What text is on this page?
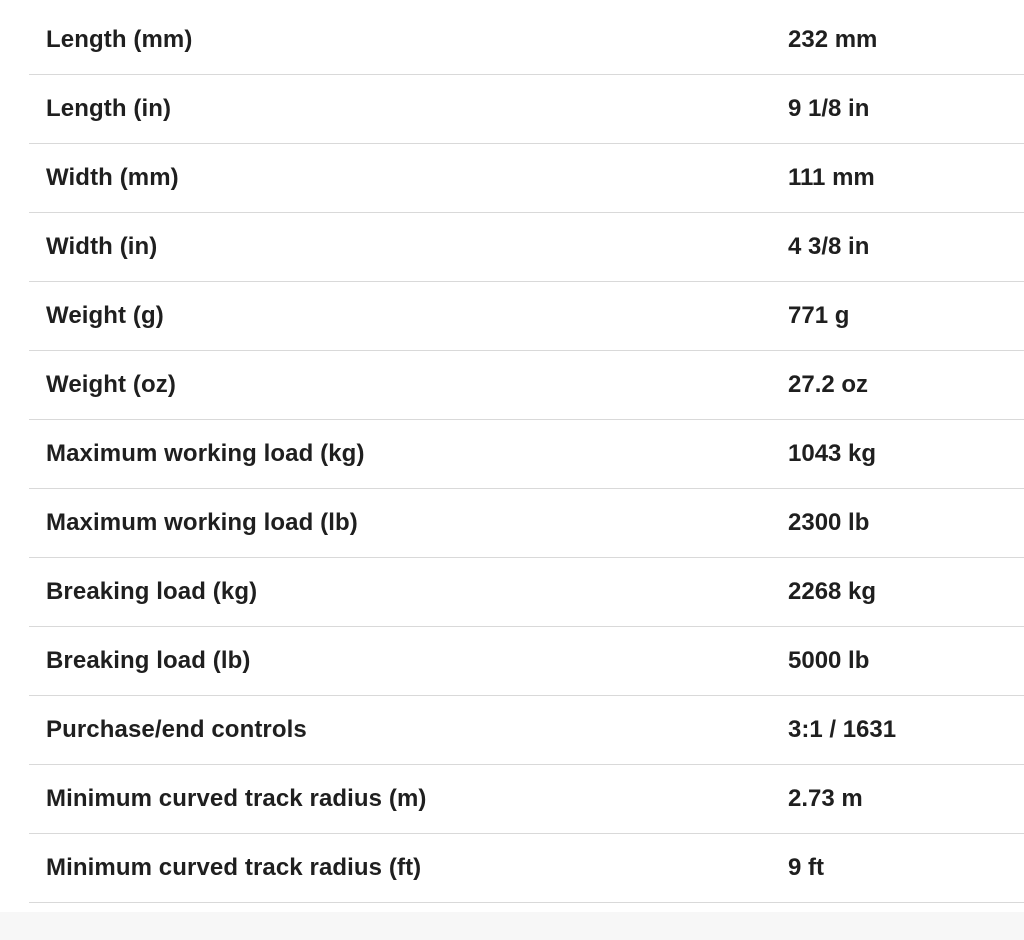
Length (mm)	232 mm
Length (in)	9 1/8 in
Width (mm)	111 mm
Width (in)	4 3/8 in
Weight (g)	771 g
Weight (oz)	27.2 oz
Maximum working load (kg)	1043 kg
Maximum working load (lb)	2300 lb
Breaking load (kg)	2268 kg
Breaking load (lb)	5000 lb
Purchase/end controls	3:1 / 1631
Minimum curved track radius (m)	2.73 m
Minimum curved track radius (ft)	9 ft
